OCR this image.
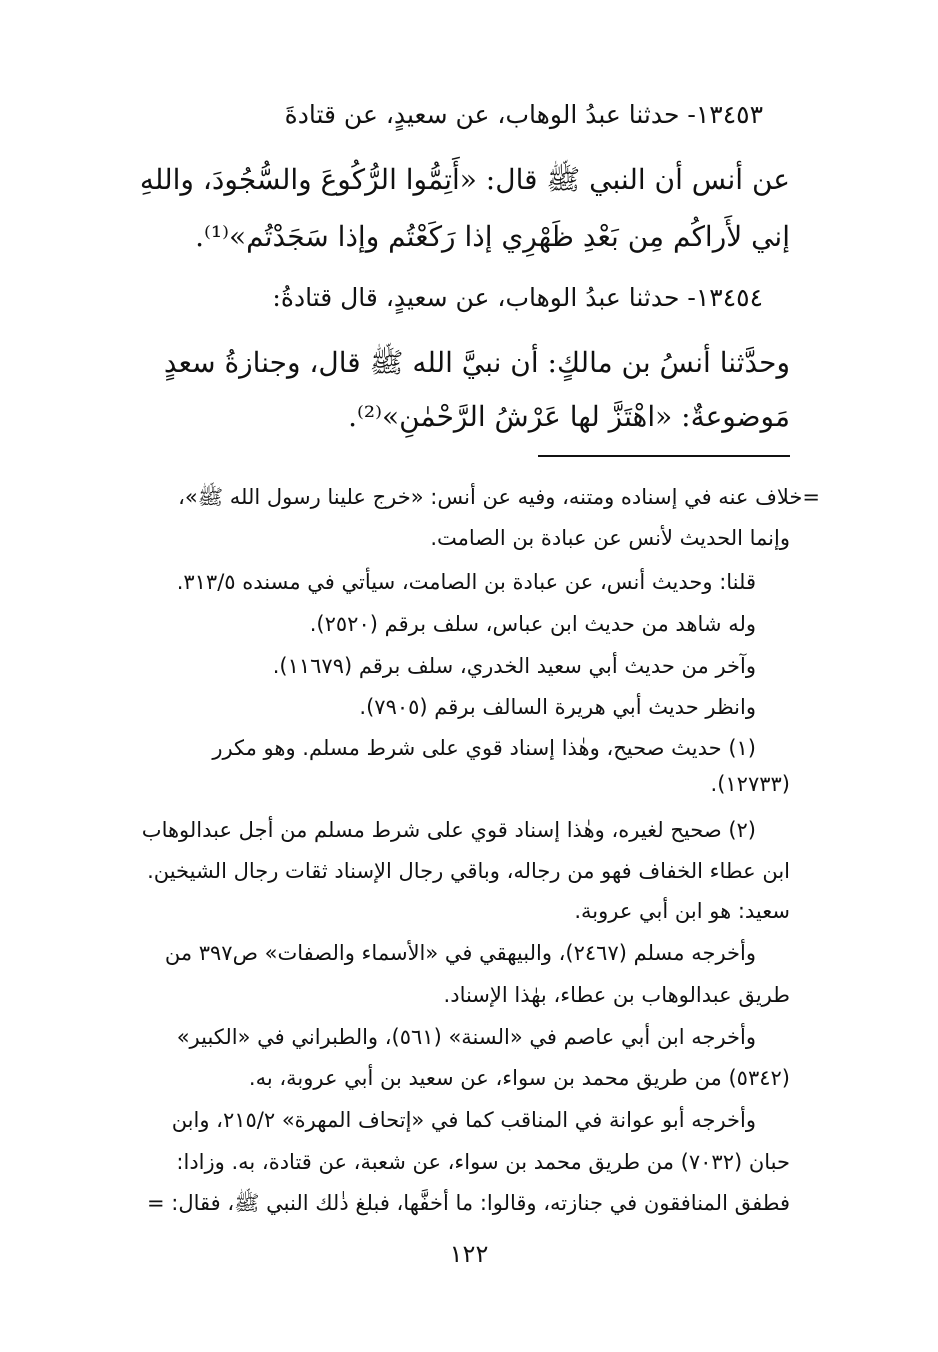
١٣٤٥٣- حدثنا عبدُ الوهاب، عن سعيدٍ، عن قتادةَ
عن أنس أن النبي ﷺ قال: «أَتِمُّوا الرُّكُوعَ والسُّجُودَ، واللهِ
إني لأَراكُم مِن بَعْدِ ظَهْرِي إذا رَكَعْتُم وإذا سَجَدْتُم»⁽¹⁾.
١٣٤٥٤- حدثنا عبدُ الوهاب، عن سعيدٍ، قال قتادةُ:
وحدَّثنا أنسُ بن مالكٍ: أن نبيَّ الله ﷺ قال، وجنازةُ سعدٍ
مَوضوعةٌ: «اهْتَزَّ لها عَرْشُ الرَّحْمٰنِ»⁽²⁾.
=خلاف عنه في إسناده ومتنه، وفيه عن أنس: «خرج علينا رسول الله ﷺ»،
وإنما الحديث لأنس عن عبادة بن الصامت.
قلنا: وحديث أنس، عن عبادة بن الصامت، سيأتي في مسنده ٣١٣/٥.
وله شاهد من حديث ابن عباس، سلف برقم (٢٥٢٠).
وآخر من حديث أبي سعيد الخدري، سلف برقم (١١٦٧٩).
وانظر حديث أبي هريرة السالف برقم (٧٩٠٥).
(١) حديث صحيح، وهٰذا إسناد قوي على شرط مسلم. وهو مكرر
(١٢٧٣٣).
(٢) صحيح لغيره، وهٰذا إسناد قوي على شرط مسلم من أجل عبدالوهاب
ابن عطاء الخفاف فهو من رجاله، وباقي رجال الإسناد ثقات رجال الشيخين.
سعيد: هو ابن أبي عروبة.
وأخرجه مسلم (٢٤٦٧)، والبيهقي في «الأسماء والصفات» ص٣٩٧ من
طريق عبدالوهاب بن عطاء، بهٰذا الإسناد.
وأخرجه ابن أبي عاصم في «السنة» (٥٦١)، والطبراني في «الكبير»
(٥٣٤٢) من طريق محمد بن سواء، عن سعيد بن أبي عروبة، به.
وأخرجه أبو عوانة في المناقب كما في «إتحاف المهرة» ٢١٥/٢، وابن
حبان (٧٠٣٢) من طريق محمد بن سواء، عن شعبة، عن قتادة، به. وزادا:
فطفق المنافقون في جنازته، وقالوا: ما أخفَّها، فبلغ ذٰلك النبي ﷺ، فقال: =
١٢٢
